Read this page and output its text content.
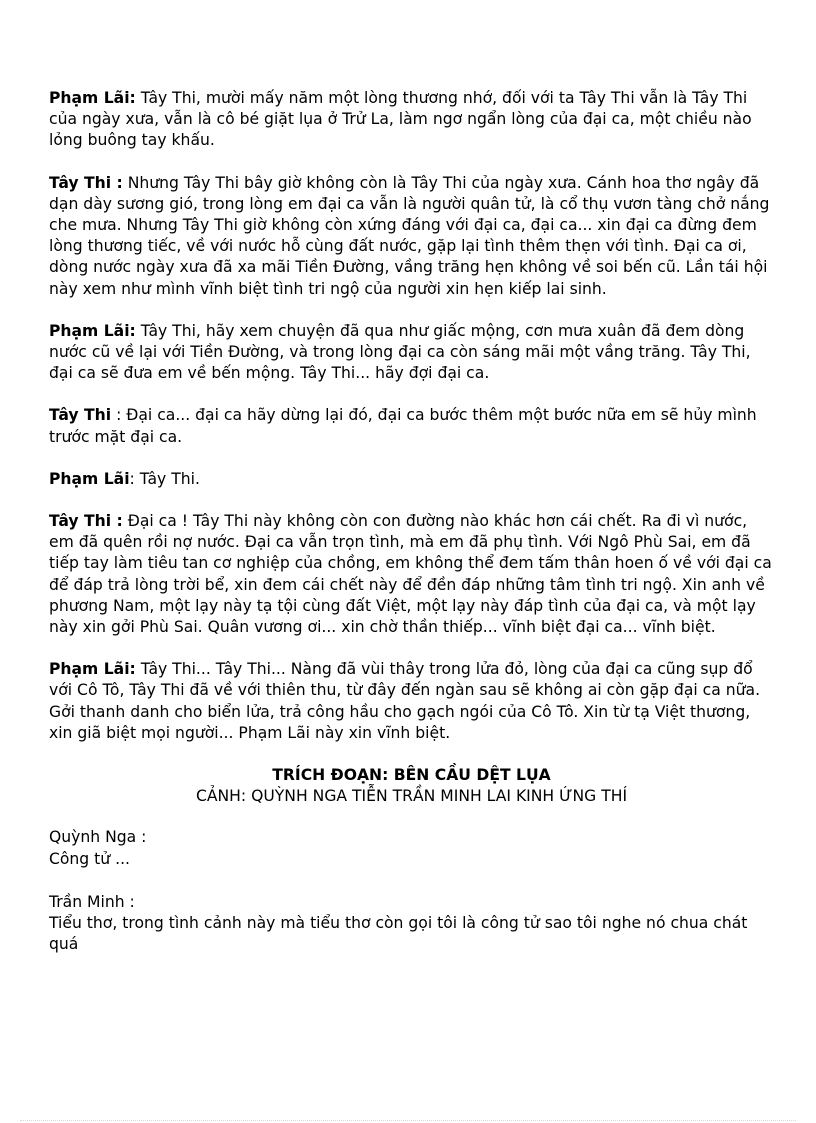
Phạm Lãi: Tây Thi, mười mấy năm một lòng thương nhớ, đối với ta Tây Thi vẫn là Tây Thi của ngày xưa, vẫn là cô bé giặt lụa ở Trử La, làm ngơ ngẩn lòng của đại ca, một chiều nào lỏng buông tay khấu.

Tây Thi : Nhưng Tây Thi bây giờ không còn là Tây Thi của ngày xưa. Cánh hoa thơ ngây đã dạn dày sương gió, trong lòng em đại ca vẫn là người quân tử, là cổ thụ vươn tàng chở nắng che mưa. Nhưng Tây Thi giờ không còn xứng đáng với đại ca, đại ca... xin đại ca đừng đem lòng thương tiếc, về với nước hỗ cùng đất nước, gặp lại tình thêm thẹn với tình. Đại ca ơi, dòng nước ngày xưa đã xa mãi Tiền Đường, vầng trăng hẹn không về soi bến cũ. Lần tái hội này xem như mình vĩnh biệt tình tri ngộ của người xin hẹn kiếp lai sinh.

Phạm Lãi: Tây Thi, hãy xem chuyện đã qua như giấc mộng, cơn mưa xuân đã đem dòng nước cũ về lại với Tiền Đường, và trong lòng đại ca còn sáng mãi một vầng trăng. Tây Thi, đại ca sẽ đưa em về bến mộng. Tây Thi... hãy đợi đại ca.

Tây Thi : Đại ca... đại ca hãy dừng lại đó, đại ca bước thêm một bước nữa em sẽ hủy mình trước mặt đại ca.

Phạm Lãi: Tây Thi.

Tây Thi : Đại ca ! Tây Thi này không còn con đường nào khác hơn cái chết. Ra đi vì nước, em đã quên rồi nợ nước. Đại ca vẫn trọn tình, mà em đã phụ tình. Với Ngô Phù Sai, em đã tiếp tay làm tiêu tan cơ nghiệp của chồng, em không thể đem tấm thân hoen ố về với đại ca để đáp trả lòng trời bể, xin đem cái chết này để đền đáp những tâm tình tri ngộ. Xin anh về phương Nam, một lạy này tạ tội cùng đất Việt, một lạy này đáp tình của đại ca, và một lạy này xin gởi Phù Sai. Quân vương ơi... xin chờ thần thiếp... vĩnh biệt đại ca... vĩnh biệt.

Phạm Lãi: Tây Thi... Tây Thi... Nàng đã vùi thây trong lửa đỏ, lòng của đại ca cũng sụp đổ với Cô Tô, Tây Thi đã về với thiên thu, từ đây đến ngàn sau sẽ không ai còn gặp đại ca nữa. Gởi thanh danh cho biển lửa, trả công hầu cho gạch ngói của Cô Tô. Xin từ tạ Việt thương, xin giã biệt mọi người... Phạm Lãi này xin vĩnh biệt.

TRÍCH ĐOẠN: BÊN CẦU DỆT LỤA
CẢNH: QUỲNH NGA TIỄN TRẦN MINH LAI KINH ỨNG THÍ
Quỳnh Nga :
Công tử ...
Trần Minh :
Tiểu thơ, trong tình cảnh này mà tiểu thơ còn gọi tôi là công tử sao tôi nghe nó chua chát quá
